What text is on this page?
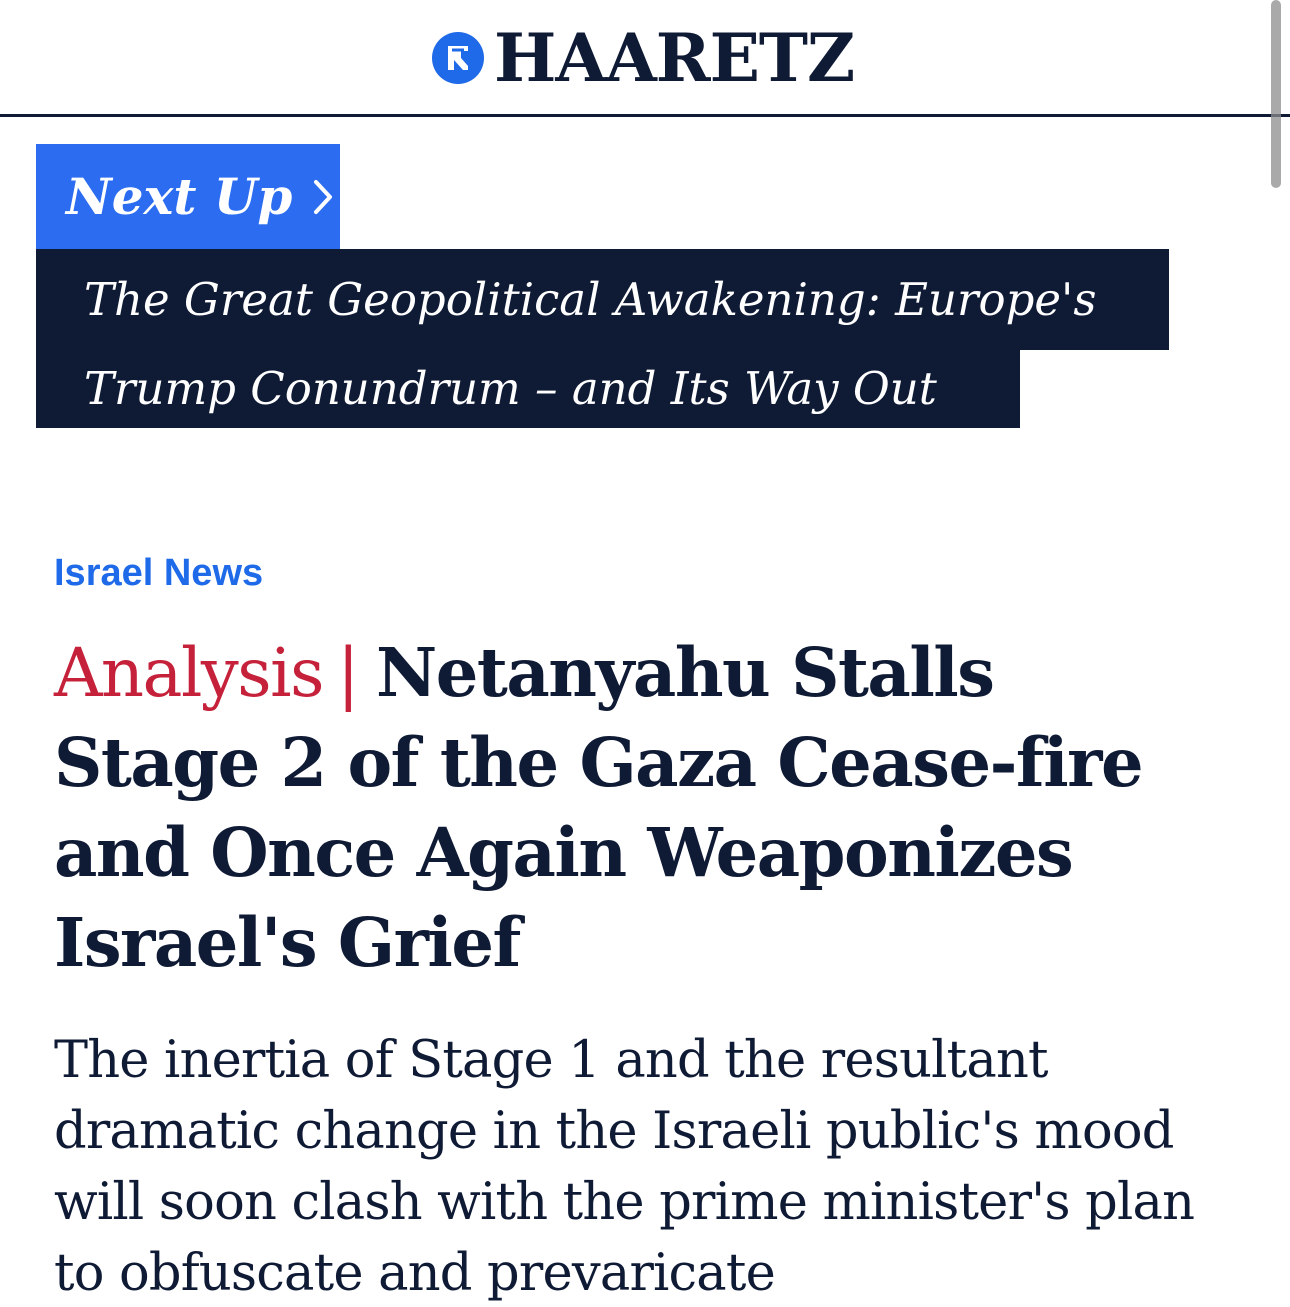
HAARETZ
Next Up
The Great Geopolitical Awakening: Europe's
Trump Conundrum – and Its Way Out
Israel News
Analysis | Netanyahu Stalls Stage 2 of the Gaza Cease-fire and Once Again Weaponizes Israel's Grief

The inertia of Stage 1 and the resultant dramatic change in the Israeli public's mood will soon clash with the prime minister's plan to obfuscate and prevaricate
